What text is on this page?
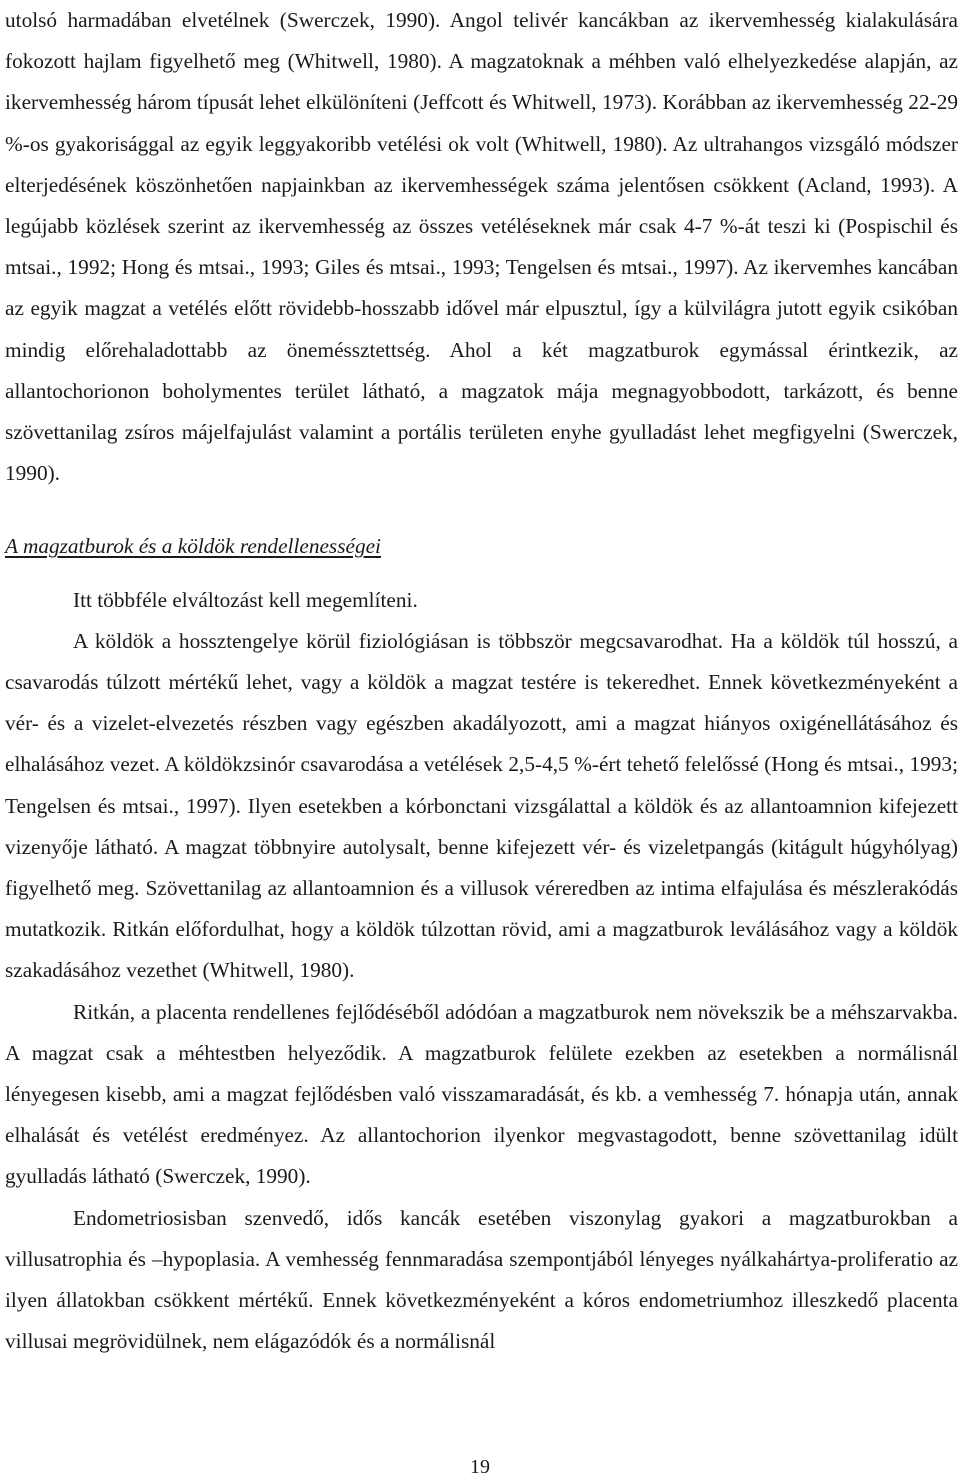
utolsó harmadában elvetélnek (Swerczek, 1990). Angol telivér kancákban az ikervemhesség kialakulására fokozott hajlam figyelhető meg (Whitwell, 1980). A magzatoknak a méhben való elhelyezkedése alapján, az ikervemhesség három típusát lehet elkülöníteni (Jeffcott és Whitwell, 1973). Korábban az ikervemhesség 22-29 %-os gyakorisággal az egyik leggyakoribb vetélési ok volt (Whitwell, 1980). Az ultrahangos vizsgáló módszer elterjedésének köszönhetően napjainkban az ikervemhességek száma jelentősen csökkent (Acland, 1993). A legújabb közlések szerint az ikervemhesség az összes vetéléseknek már csak 4-7 %-át teszi ki (Pospischil és mtsai., 1992; Hong és mtsai., 1993; Giles és mtsai., 1993; Tengelsen és mtsai., 1997). Az ikervemhes kancában az egyik magzat a vetélés előtt rövidebb-hosszabb idővel már elpusztul, így a külvilágra jutott egyik csikóban mindig előrehaladottabb az öneméssztettség. Ahol a két magzatburok egymással érintkezik, az allantochorionon boholymentes terület látható, a magzatok mája megnagyobbodott, tarkázott, és benne szövettanilag zsíros májelfajulást valamint a portális területen enyhe gyulladást lehet megfigyelni (Swerczek, 1990).

A magzatburok és a köldök rendellenességei

Itt többféle elváltozást kell megemlíteni.

A köldök a hossztengelye körül fiziológiásan is többször megcsavarodhat. Ha a köldök túl hosszú, a csavarodás túlzott mértékű lehet, vagy a köldök a magzat testére is tekeredhet. Ennek következményeként a vér- és a vizelet-elvezetés részben vagy egészben akadályozott, ami a magzat hiányos oxigénellátásához és elhalásához vezet. A köldökzsinór csavarodása a vetélések 2,5-4,5 %-ért tehető felelőssé (Hong és mtsai., 1993; Tengelsen és mtsai., 1997). Ilyen esetekben a kórbonctani vizsgálattal a köldök és az allantoamnion kifejezett vizenyője látható. A magzat többnyire autolysalt, benne kifejezett vér- és vizeletpangás (kitágult húgyhólyag) figyelhető meg. Szövettanilag az allantoamnion és a villusok véreredben az intima elfajulása és mészlerakódás mutatkozik. Ritkán előfordulhat, hogy a köldök túlzottan rövid, ami a magzatburok leválásához vagy a köldök szakadásához vezethet (Whitwell, 1980).

Ritkán, a placenta rendellenes fejlődéséből adódóan a magzatburok nem növekszik be a méhszarvakba. A magzat csak a méhtestben helyeződik. A magzatburok felülete ezekben az esetekben a normálisnál lényegesen kisebb, ami a magzat fejlődésben való visszamaradását, és kb. a vemhesség 7. hónapja után, annak elhalását és vetélést eredményez. Az allantochorion ilyenkor megvastagodott, benne szövettanilag idült gyulladás látható (Swerczek, 1990).

Endometriosisban szenvedő, idős kancák esetében viszonylag gyakori a magzatburokban a villusatrophia és –hypoplasia. A vemhesség fennmaradása szempontjából lényeges nyálkahártya-proliferatio az ilyen állatokban csökkent mértékű. Ennek következményeként a kóros endometriumhoz illeszkedő placenta villusai megrövidülnek, nem elágazódók és a normálisnál

19
